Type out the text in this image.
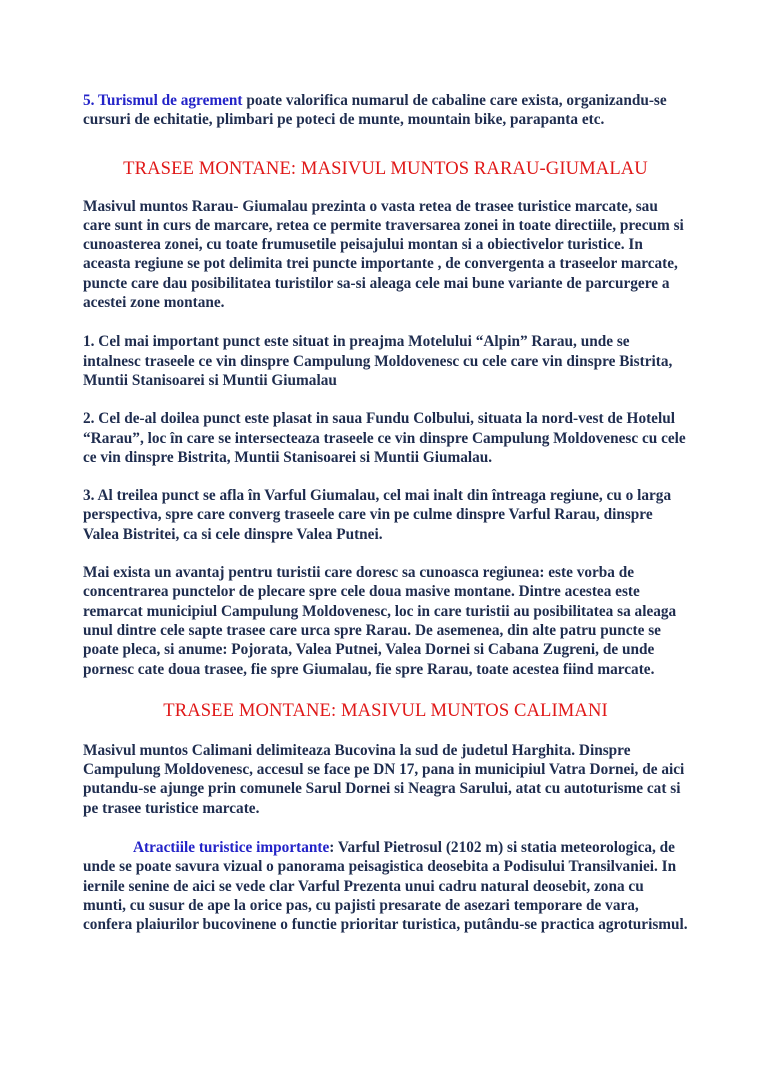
5. Turismul de agrement poate valorifica numarul de cabaline care exista, organizandu-se cursuri de echitatie, plimbari pe poteci de munte, mountain bike, parapanta etc.

TRASEE MONTANE: MASIVUL MUNTOS RARAU-GIUMALAU

Masivul muntos Rarau- Giumalau prezinta o vasta retea de trasee turistice marcate, sau care sunt in curs de marcare, retea ce permite traversarea zonei in toate directiile, precum si cunoasterea zonei, cu toate frumusetile peisajului montan si a obiectivelor turistice. In aceasta regiune se pot delimita trei puncte importante , de convergenta a traseelor marcate, puncte care dau posibilitatea turistilor sa-si aleaga cele mai bune variante de parcurgere a acestei zone montane.

1. Cel mai important punct este situat in preajma Motelului “Alpin” Rarau, unde se intalnesc traseele ce vin dinspre Campulung Moldovenesc cu cele care vin dinspre Bistrita, Muntii Stanisoarei si Muntii Giumalau

2. Cel de-al doilea punct este plasat in saua Fundu Colbului, situata la nord-vest de Hotelul “Rarau”, loc în care se intersecteaza traseele ce vin dinspre Campulung Moldovenesc cu cele ce vin dinspre Bistrita, Muntii Stanisoarei si Muntii Giumalau.

3. Al treilea punct se afla în Varful Giumalau, cel mai inalt din întreaga regiune, cu o larga perspectiva, spre care converg traseele care vin pe culme dinspre Varful Rarau, dinspre Valea Bistritei, ca si cele dinspre Valea Putnei.

Mai exista un avantaj pentru turistii care doresc sa cunoasca regiunea: este vorba de concentrarea punctelor de plecare spre cele doua masive montane. Dintre acestea este remarcat municipiul Campulung Moldovenesc, loc in care turistii au posibilitatea sa aleaga unul dintre cele sapte trasee care urca spre Rarau. De asemenea, din alte patru puncte se poate pleca, si anume: Pojorata, Valea Putnei, Valea Dornei si Cabana Zugreni, de unde pornesc cate doua trasee, fie spre Giumalau, fie spre Rarau, toate acestea fiind marcate.

TRASEE MONTANE: MASIVUL MUNTOS CALIMANI

Masivul muntos Calimani delimiteaza Bucovina la sud de judetul Harghita. Dinspre Campulung Moldovenesc, accesul se face pe DN 17, pana in municipiul Vatra Dornei, de aici putandu-se ajunge prin comunele Sarul Dornei si Neagra Sarului, atat cu autoturisme cat si pe trasee turistice marcate.

Atractiile turistice importante: Varful Pietrosul (2102 m) si statia meteorologica, de unde se poate savura vizual o panorama peisagistica deosebita a Podisului Transilvaniei. In iernile senine de aici se vede clar Varful Prezenta unui cadru natural deosebit, zona cu munti, cu susur de ape la orice pas, cu pajisti presarate de asezari temporare de vara, confera plaiurilor bucovinene o functie prioritar turistica, putându-se practica agroturismul.
